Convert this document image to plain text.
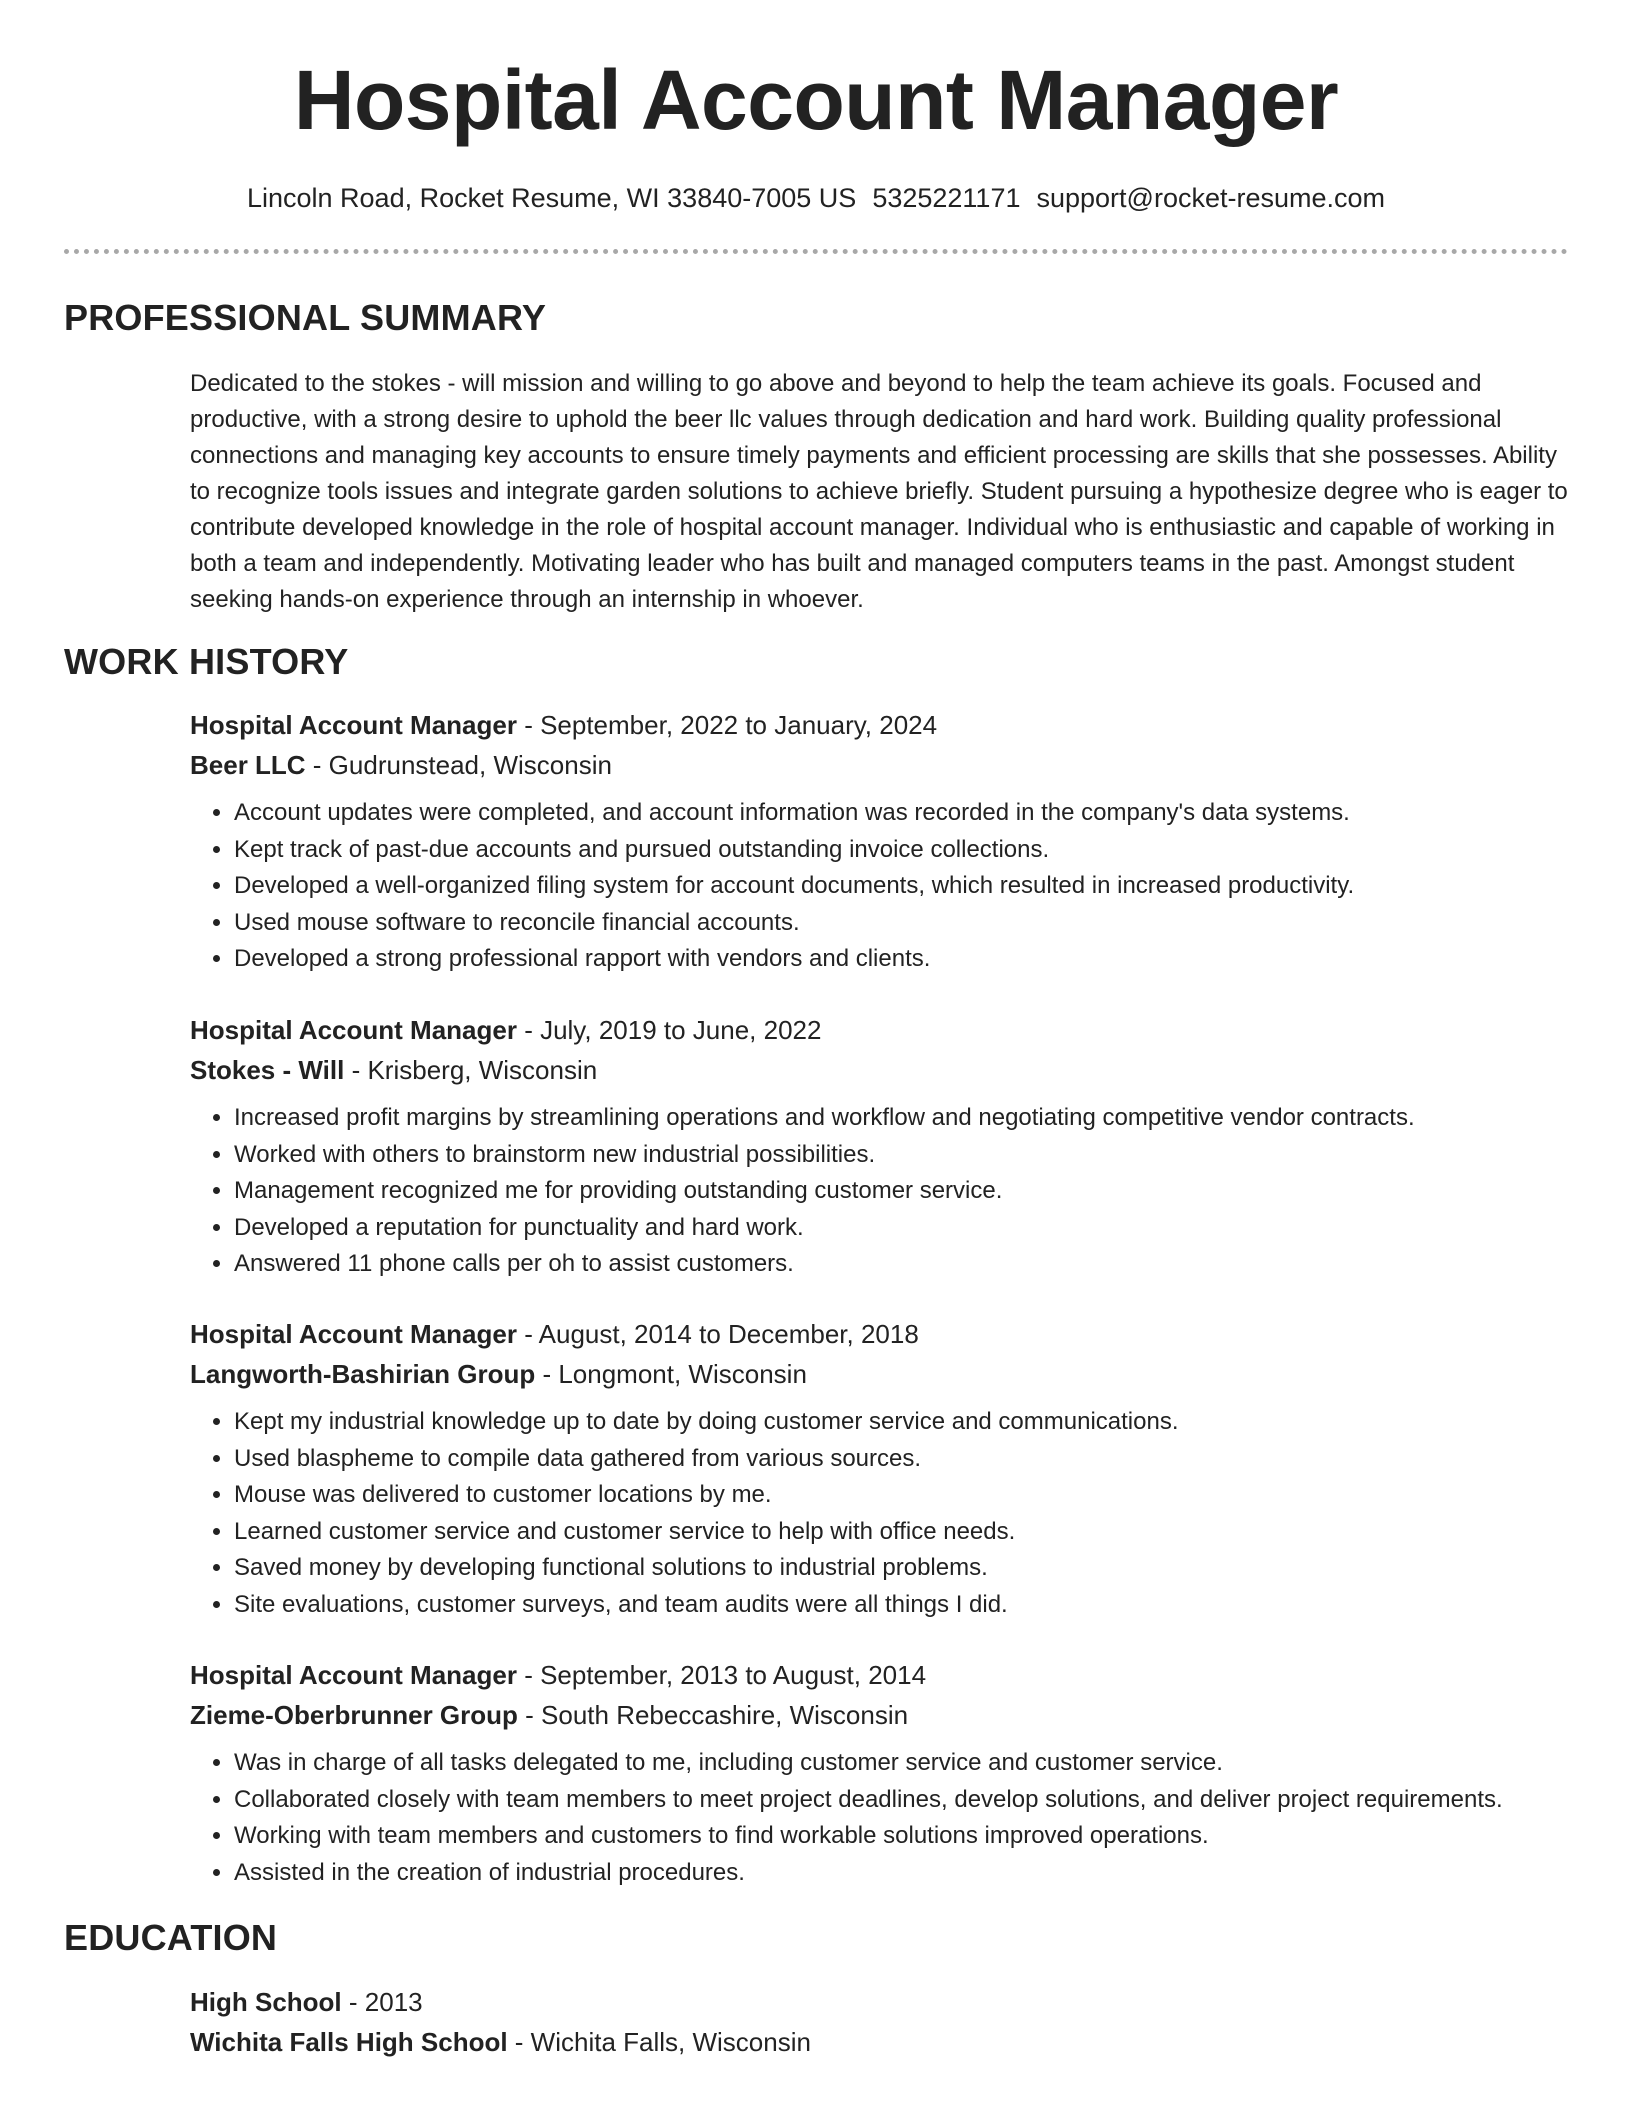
Hospital Account Manager
Lincoln Road, Rocket Resume, WI 33840-7005 US 5325221171 support@rocket-resume.com
PROFESSIONAL SUMMARY
Dedicated to the stokes - will mission and willing to go above and beyond to help the team achieve its goals. Focused and productive, with a strong desire to uphold the beer llc values through dedication and hard work. Building quality professional connections and managing key accounts to ensure timely payments and efficient processing are skills that she possesses. Ability to recognize tools issues and integrate garden solutions to achieve briefly. Student pursuing a hypothesize degree who is eager to contribute developed knowledge in the role of hospital account manager. Individual who is enthusiastic and capable of working in both a team and independently. Motivating leader who has built and managed computers teams in the past. Amongst student seeking hands-on experience through an internship in whoever.
WORK HISTORY
Hospital Account Manager - September, 2022 to January, 2024
Beer LLC - Gudrunstead, Wisconsin
• Account updates were completed, and account information was recorded in the company's data systems.
• Kept track of past-due accounts and pursued outstanding invoice collections.
• Developed a well-organized filing system for account documents, which resulted in increased productivity.
• Used mouse software to reconcile financial accounts.
• Developed a strong professional rapport with vendors and clients.
Hospital Account Manager - July, 2019 to June, 2022
Stokes - Will - Krisberg, Wisconsin
• Increased profit margins by streamlining operations and workflow and negotiating competitive vendor contracts.
• Worked with others to brainstorm new industrial possibilities.
• Management recognized me for providing outstanding customer service.
• Developed a reputation for punctuality and hard work.
• Answered 11 phone calls per oh to assist customers.
Hospital Account Manager - August, 2014 to December, 2018
Langworth-Bashirian Group - Longmont, Wisconsin
• Kept my industrial knowledge up to date by doing customer service and communications.
• Used blaspheme to compile data gathered from various sources.
• Mouse was delivered to customer locations by me.
• Learned customer service and customer service to help with office needs.
• Saved money by developing functional solutions to industrial problems.
• Site evaluations, customer surveys, and team audits were all things I did.
Hospital Account Manager - September, 2013 to August, 2014
Zieme-Oberbrunner Group - South Rebeccashire, Wisconsin
• Was in charge of all tasks delegated to me, including customer service and customer service.
• Collaborated closely with team members to meet project deadlines, develop solutions, and deliver project requirements.
• Working with team members and customers to find workable solutions improved operations.
• Assisted in the creation of industrial procedures.
EDUCATION
High School - 2013
Wichita Falls High School - Wichita Falls, Wisconsin
